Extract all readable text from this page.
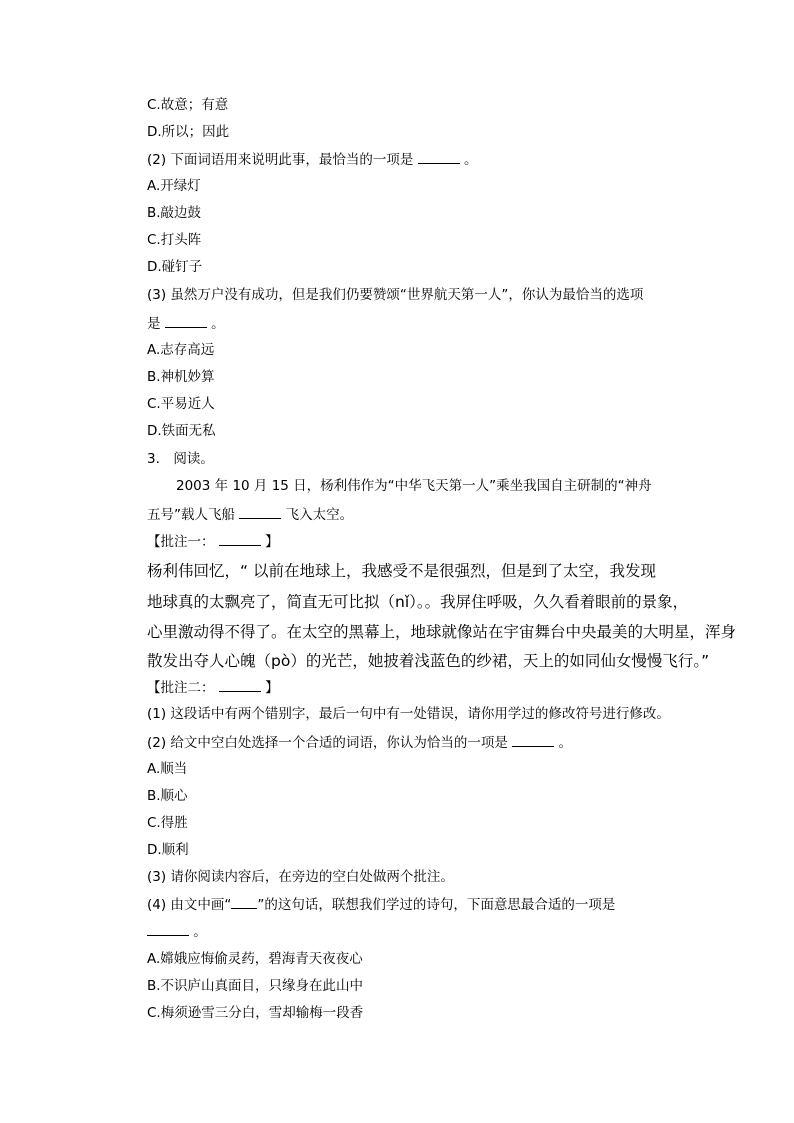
C.故意；有意
D.所以；因此
(2) 下面词语用来说明此事，最恰当的一项是	。
A.开绿灯
B.敲边鼓
C.打头阵
D.碰钉子
(3) 虽然万户没有成功，但是我们仍要赞颂“世界航天第一人”，你认为最恰当的选项
是	。
A.志存高远
B.神机妙算
C.平易近人
D.铁面无私
3.　阅读。
2003 年 10 月 15 日，杨利伟作为“中华飞天第一人”乘坐我国自主研制的“神舟
五号”载人飞船	飞入太空。
【批注一：	】
杨利伟回忆，“ 以前在地球上，我感受不是很强烈，但是到了太空，我发现
地球真的太飘亮了，简直无可比拟（nǐ）。。我屏住呼吸，久久看着眼前的景象，
心里激动得不得了。在太空的黑幕上，地球就像站在宇宙舞台中央最美的大明星，浑身
散发出夺人心魄（pò）的光芒，她披着浅蓝色的纱裙，天上的如同仙女慢慢飞行。”
【批注二：	】
(1) 这段话中有两个错别字，最后一句中有一处错误，请你用学过的修改符号进行修改。
(2) 给文中空白处选择一个合适的词语，你认为恰当的一项是	。
A.顺当
B.顺心
C.得胜
D.顺利
(3) 请你阅读内容后，在旁边的空白处做两个批注。
(4) 由文中画“ ”的这句话，联想我们学过的诗句，下面意思最合适的一项是
。
A.嫦娥应悔偷灵药，碧海青天夜夜心
B.不识庐山真面目，只缘身在此山中
C.梅须逊雪三分白，雪却输梅一段香
